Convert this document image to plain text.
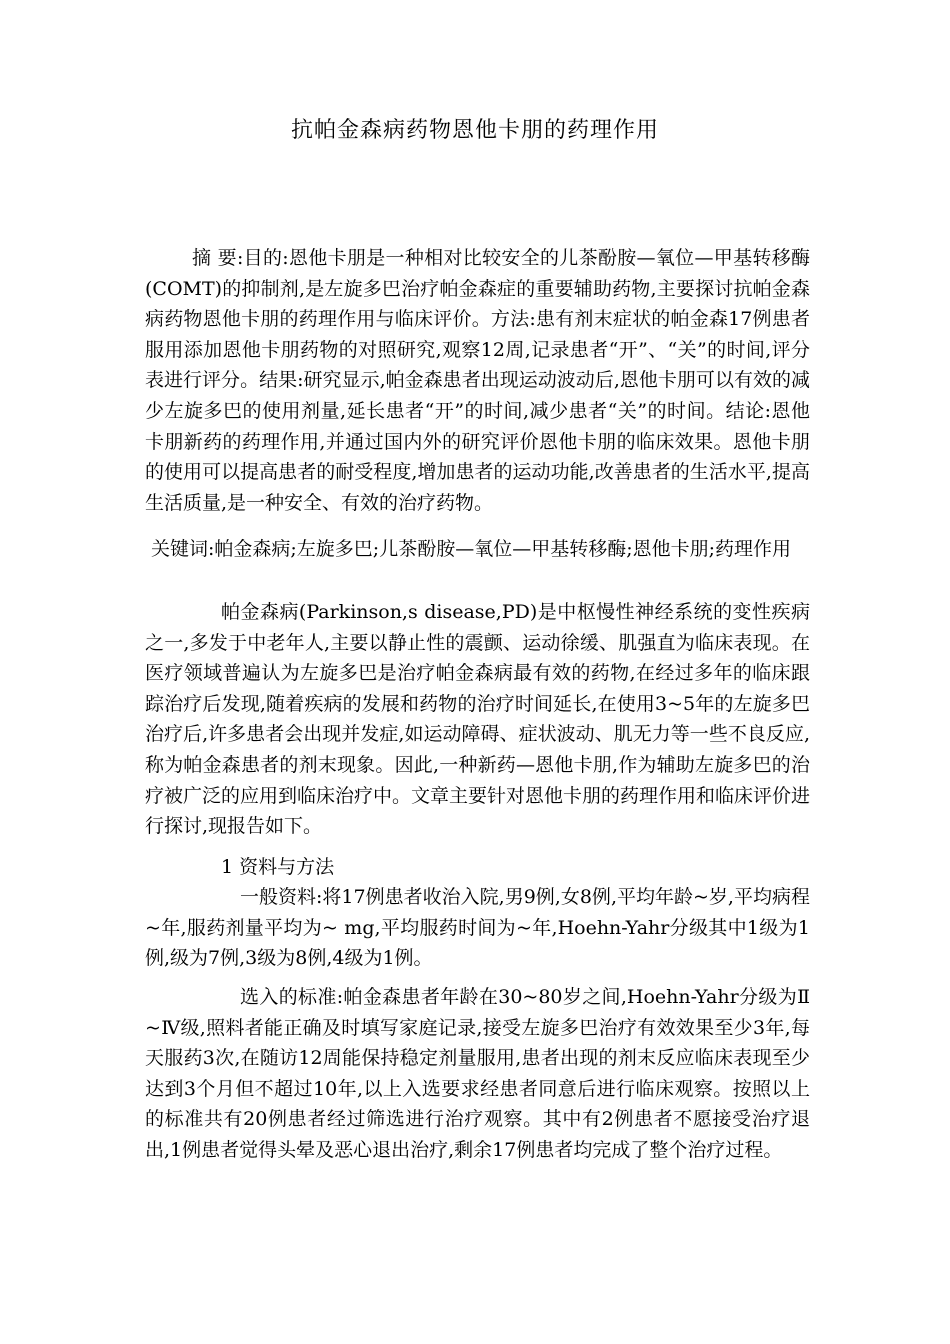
抗帕金森病药物恩他卡朋的药理作用
摘 要:目的:恩他卡朋是一种相对比较安全的儿茶酚胺—氧位—甲基转移酶(COMT)的抑制剂,是左旋多巴治疗帕金森症的重要辅助药物,主要探讨抗帕金森病药物恩他卡朋的药理作用与临床评价。方法:患有剂末症状的帕金森17例患者服用添加恩他卡朋药物的对照研究,观察12周,记录患者“开”、“关”的时间,评分表进行评分。结果:研究显示,帕金森患者出现运动波动后,恩他卡朋可以有效的减少左旋多巴的使用剂量,延长患者“开”的时间,减少患者“关”的时间。结论:恩他卡朋新药的药理作用,并通过国内外的研究评价恩他卡朋的临床效果。恩他卡朋的使用可以提高患者的耐受程度,增加患者的运动功能,改善患者的生活水平,提高生活质量,是一种安全、有效的治疗药物。
关键词:帕金森病;左旋多巴;儿茶酚胺—氧位—甲基转移酶;恩他卡朋;药理作用
帕金森病(Parkinson,s disease,PD)是中枢慢性神经系统的变性疾病之一,多发于中老年人,主要以静止性的震颤、运动徐缓、肌强直为临床表现。在医疗领域普遍认为左旋多巴是治疗帕金森病最有效的药物,在经过多年的临床跟踪治疗后发现,随着疾病的发展和药物的治疗时间延长,在使用3~5年的左旋多巴治疗后,许多患者会出现并发症,如运动障碍、症状波动、肌无力等一些不良反应,称为帕金森患者的剂末现象。因此,一种新药—恩他卡朋,作为辅助左旋多巴的治疗被广泛的应用到临床治疗中。文章主要针对恩他卡朋的药理作用和临床评价进行探讨,现报告如下。
1 资料与方法
一般资料:将17例患者收治入院,男9例,女8例,平均年龄~岁,平均病程~年,服药剂量平均为~ mg,平均服药时间为~年,Hoehn-Yahr分级其中1级为1例,级为7例,3级为8例,4级为1例。
选入的标准:帕金森患者年龄在30~80岁之间,Hoehn-Yahr分级为Ⅱ~Ⅳ级,照料者能正确及时填写家庭记录,接受左旋多巴治疗有效效果至少3年,每天服药3次,在随访12周能保持稳定剂量服用,患者出现的剂末反应临床表现至少达到3个月但不超过10年,以上入选要求经患者同意后进行临床观察。按照以上的标准共有20例患者经过筛选进行治疗观察。其中有2例患者不愿接受治疗退出,1例患者觉得头晕及恶心退出治疗,剩余17例患者均完成了整个治疗过程。
